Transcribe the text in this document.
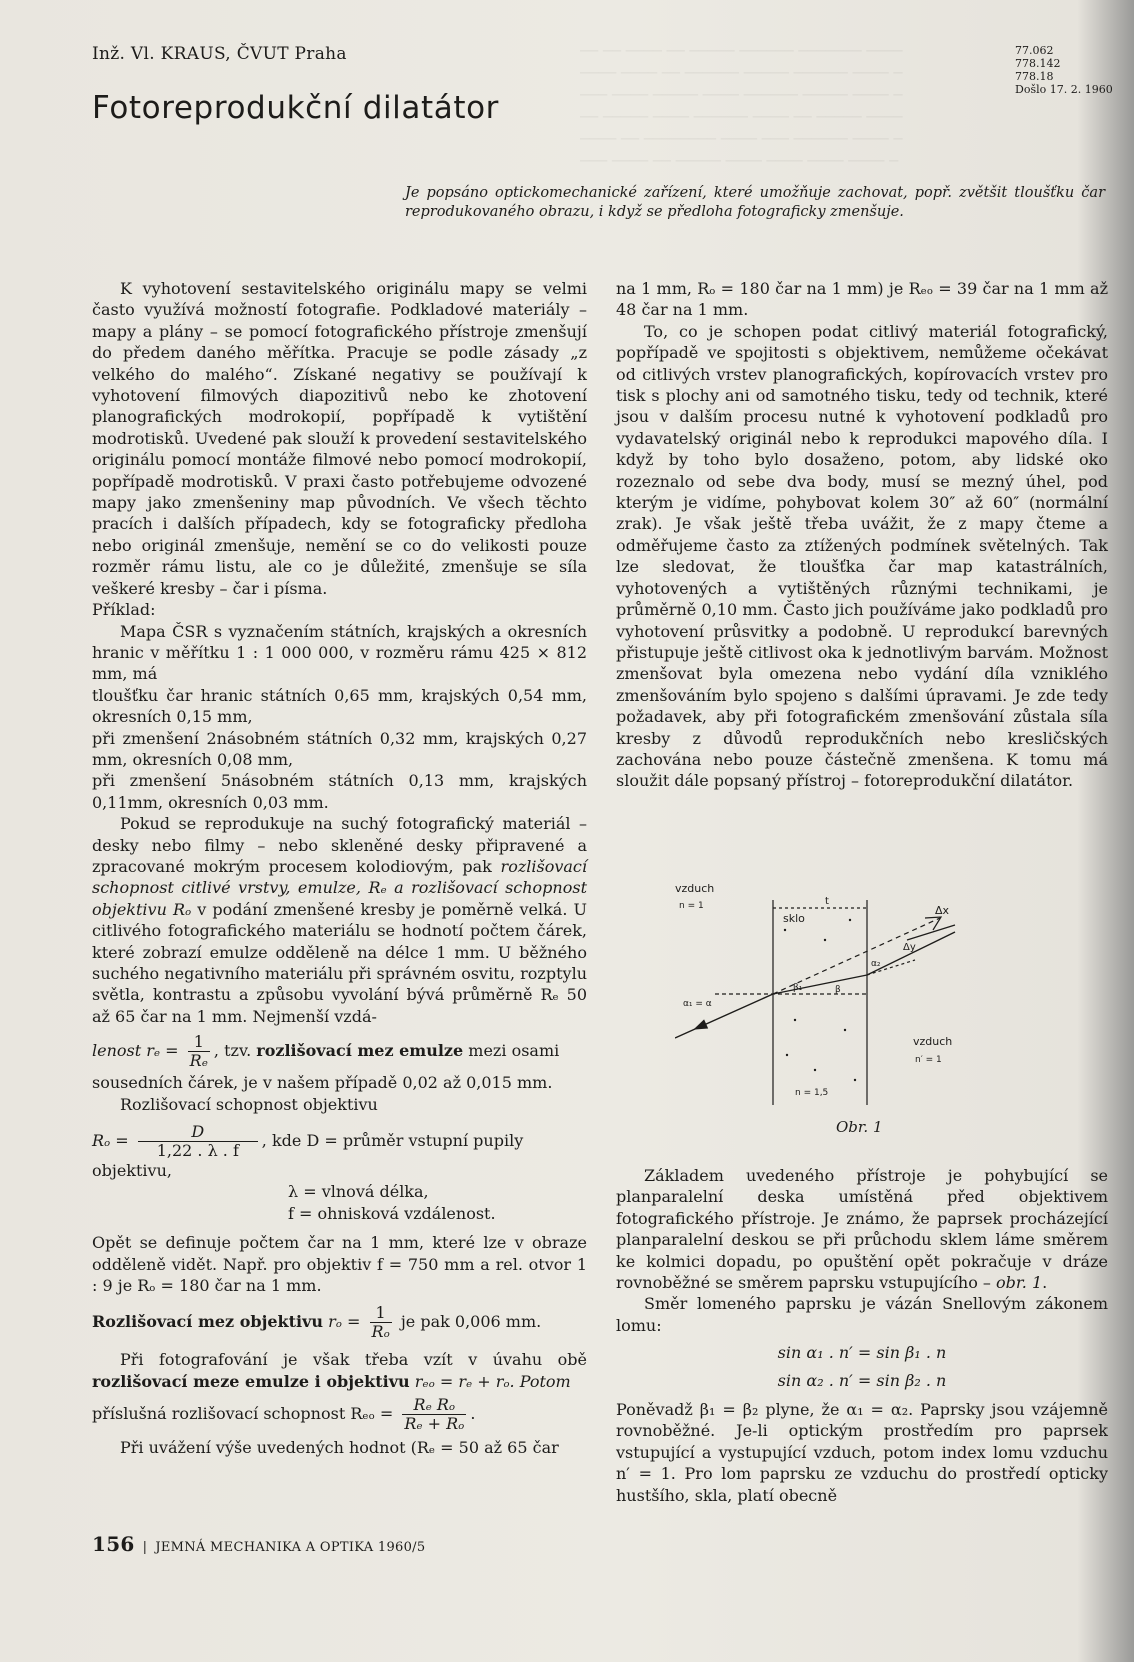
── ── ──── ── ───── ────── ─────── ────
──── ──── ── ────── ───── ────── ──── ─
─── ──── ───── ──── ────── ───── ──── ─
── ───── ──── ────── ──── ── ───── ────
──── ── ──────── ──── ─── ────── ──── ─
─── ──── ── ───── ──── ──── ──── ──── ─
Inž. Vl. KRAUS, ČVUT Praha
Fotoreprodukční dilatátor
77.062
778.142
778.18
Došlo 17. 2. 1960
Je popsáno optickomechanické zařízení, které umožňuje zachovat, popř. zvětšit tloušťku čar reprodukovaného obrazu, i když se předloha fotograficky zmenšuje.

K vyhotovení sestavitelského originálu mapy se velmi často využívá možností fotografie. Podkladové materiály – mapy a plány – se pomocí fotografického přístroje zmenšují do předem daného měřítka. Pracuje se podle zásady „z velkého do malého“. Získané negativy se používají k vyhotovení filmových diapozitivů nebo ke zhotovení planografických modrokopií, popřípadě k vytištění modrotisků. Uvedené pak slouží k provedení sestavitelského originálu pomocí montáže filmové nebo pomocí modrokopií, popřípadě modrotisků. V praxi často potřebujeme odvozené mapy jako zmenšeniny map původních. Ve všech těchto pracích i dalších případech, kdy se fotograficky předloha nebo originál zmenšuje, nemění se co do velikosti pouze rozměr rámu listu, ale co je důležité, zmenšuje se síla veškeré kresby – čar i písma.

Příklad:

Mapa ČSR s vyznačením státních, krajských a okresních hranic v měřítku 1 : 1 000 000, v rozměru rámu 425 × 812 mm, má

tloušťku čar hranic státních 0,65 mm, krajských 0,54 mm, okresních 0,15 mm,

při zmenšení 2násobném státních 0,32 mm, krajských 0,27 mm, okresních 0,08 mm,

při zmenšení 5násobném státních 0,13 mm, krajských 0,11mm, okresních 0,03 mm.

Pokud se reprodukuje na suchý fotografický materiál – desky nebo filmy – nebo skleněné desky připravené a zpracované mokrým procesem kolodiovým, pak rozlišovací schopnost citlivé vrstvy, emulze, Rₑ a rozlišovací schopnost objektivu Rₒ v podání zmenšené kresby je poměrně velká. U citlivého fotografického materiálu se hodnotí počtem čárek, které zobrazí emulze odděleně na délce 1 mm. U běžného suchého negativního materiálu při správném osvitu, rozptylu světla, kontrastu a způsobu vyvolání bývá průměrně Rₑ 50 až 65 čar na 1 mm. Nejmenší vzdá-

lenost $r_e = \frac{1}{\text{Rₑ}}$ , tzv. rozlišovací mez emulze mezi osami

sousedních čárek, je v našem případě 0,02 až 0,015 mm.

Rozlišovací schopnost objektivu

$R_o = \frac{D}{1,22 . \lambda . f}$ , kde D = průměr vstupní pupily objektivu,

λ = vlnová délka,

f = ohnisková vzdálenost.

Opět se definuje počtem čar na 1 mm, které lze v obraze odděleně vidět. Např. pro objektiv f = 750 mm a rel. otvor 1 : 9 je Rₒ = 180 čar na 1 mm.

Rozlišovací mez objektivu $r_o = \frac{1}{\text{Rₒ}}$ je pak 0,006 mm.

Při fotografování je však třeba vzít v úvahu obě rozlišovací meze emulze i objektivu rₑₒ = rₑ + rₒ. Potom

příslušná rozlišovací schopnost $R_{eo} = \frac{\text{Rₑ Rₒ}}{\text{Rₑ + Rₒ}}$ .

Při uvážení výše uvedených hodnot (Rₑ = 50 až 65 čar

na 1 mm, Rₒ = 180 čar na 1 mm) je Rₑₒ = 39 čar na 1 mm až 48 čar na 1 mm.

To, co je schopen podat citlivý materiál fotografický, popřípadě ve spojitosti s objektivem, nemůžeme očekávat od citlivých vrstev planografických, kopírovacích vrstev pro tisk s plochy ani od samotného tisku, tedy od technik, které jsou v dalším procesu nutné k vyhotovení podkladů pro vydavatelský originál nebo k reprodukci mapového díla. I když by toho bylo dosaženo, potom, aby lidské oko rozeznalo od sebe dva body, musí se mezný úhel, pod kterým je vidíme, pohybovat kolem 30″ až 60″ (normální zrak). Je však ještě třeba uvážit, že z mapy čteme a odměřujeme často za ztížených podmínek světelných. Tak lze sledovat, že tloušťka čar map katastrálních, vyhotovených a vytištěných různými technikami, je průměrně 0,10 mm. Často jich používáme jako podkladů pro vyhotovení průsvitky a podobně. U reprodukcí barevných přistupuje ještě citlivost oka k jednotlivým barvám. Možnost zmenšovat byla omezena nebo vydání díla vzniklého zmenšováním bylo spojeno s dalšími úpravami. Je zde tedy požadavek, aby při fotografickém zmenšování zůstala síla kresby z důvodů reprodukčních nebo kresličských zachována nebo pouze částečně zmenšena. K tomu má sloužit dále popsaný přístroj – fotoreprodukční dilatátor.

vzduch
n = 1
sklo
t
Δx
Δy
α₁ = α
α₂
β₁	β
n = 1,5
vzduch
n′ = 1
Obr. 1

Základem uvedeného přístroje je pohybující se planparalelní deska umístěná před objektivem fotografického přístroje. Je známo, že paprsek procházející planparalelní deskou se při průchodu sklem láme směrem ke kolmici dopadu, po opuštění opět pokračuje v dráze rovnoběžné se směrem paprsku vstupujícího – obr. 1.

Směr lomeného paprsku je vázán Snellovým zákonem lomu:

sin α₁ . n′ = sin β₁ . n

sin α₂ . n′ = sin β₂ . n

Poněvadž β₁ = β₂ plyne, že α₁ = α₂. Paprsky jsou vzájemně rovnoběžné. Je-li optickým prostředím pro paprsek vstupující a vystupující vzduch, potom index lomu vzduchu n′ = 1. Pro lom paprsku ze vzduchu do prostředí opticky hustšího, skla, platí obecně

156 | JEMNÁ MECHANIKA A OPTIKA 1960/5
